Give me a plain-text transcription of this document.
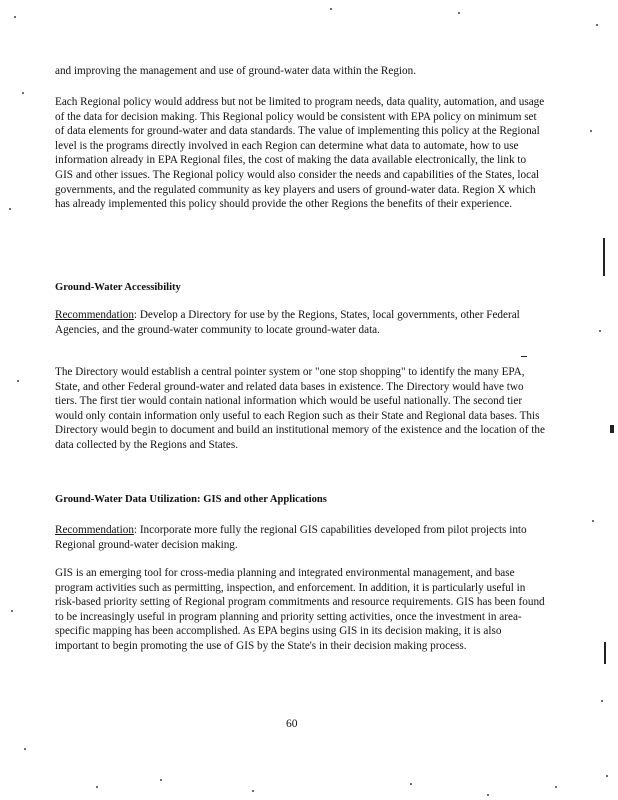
and improving the management and use of ground-water data within the Region.

Each Regional policy would address but not be limited to program needs, data quality, automation, and usage of the data for decision making. This Regional policy would be consistent with EPA policy on minimum set of data elements for ground-water and data standards. The value of implementing this policy at the Regional level is the programs directly involved in each Region can determine what data to automate, how to use information already in EPA Regional files, the cost of making the data available electronically, the link to GIS and other issues. The Regional policy would also consider the needs and capabilities of the States, local governments, and the regulated community as key players and users of ground-water data. Region X which has already implemented this policy should provide the other Regions the benefits of their experience.

Ground-Water Accessibility

Recommendation: Develop a Directory for use by the Regions, States, local governments, other Federal Agencies, and the ground-water community to locate ground-water data.

The Directory would establish a central pointer system or "one stop shopping" to identify the many EPA, State, and other Federal ground-water and related data bases in existence. The Directory would have two tiers. The first tier would contain national information which would be useful nationally. The second tier would only contain information only useful to each Region such as their State and Regional data bases. This Directory would begin to document and build an institutional memory of the existence and the location of the data collected by the Regions and States.

Ground-Water Data Utilization: GIS and other Applications

Recommendation: Incorporate more fully the regional GIS capabilities developed from pilot projects into Regional ground-water decision making.

GIS is an emerging tool for cross-media planning and integrated environmental management, and base program activities such as permitting, inspection, and enforcement. In addition, it is particularly useful in risk-based priority setting of Regional program commitments and resource requirements. GIS has been found to be increasingly useful in program planning and priority setting activities, once the investment in area-specific mapping has been accomplished. As EPA begins using GIS in its decision making, it is also important to begin promoting the use of GIS by the State's in their decision making process.

60
